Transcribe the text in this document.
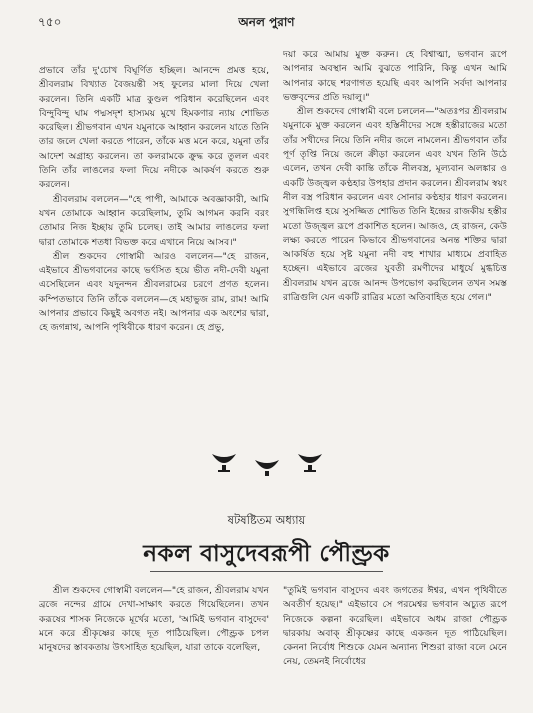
৭৫০	অনল পুরাণ

প্রভাবে তাঁর দু'চোখ বিঘূর্ণিত হচ্ছিল। আনন্দে প্রমত্ত হয়ে, শ্রীবলরাম বিখ্যাত বৈজয়ন্তী সহ ফুলের মালা দিয়ে খেলা করলেন। তিনি একটি মাত্র কুণ্ডল পরিধান করেছিলেন এবং বিন্দুবিন্দু ঘাম পদ্মসদৃশ হাস্যময় মুখে হিমকণার ন্যায় শোভিত করেছিল। শ্রীভগবান এখন যমুনাকে আহ্বান করলেন যাতে তিনি তার জলে খেলা করতে পারেন, তাঁকে মত্ত মনে করে, যমুনা তাঁর আদেশ অগ্রাহ্য করলেন। তা কলরামকে ক্রুদ্ধ করে তুলল এবং তিনি তাঁর লাঙলের ফলা দিয়ে নদীকে আকর্ষণ করতে শুরু করলেন।

শ্রীবলরাম বললেন—"হে পাপী, আমাকে অবজ্ঞাকারী, আমি যখন তোমাকে আহ্বান করেছিলাম, তুমি আগমন করনি বরং তোমার নিজ ইচ্ছায় তুমি চলেছ। তাই আমার লাঙলের ফলা দ্বারা তোমাকে শতধা বিভক্ত করে এখানে নিয়ে আসব।"

শ্রীল শুকদেব গোস্বামী আরও বললেন—"হে রাজন, এইভাবে শ্রীভগবানের কাছে ভর্ৎসিত হয়ে ভীত নদী-দেবী যমুনা এসেছিলেন এবং যদুনন্দন শ্রীবলরামের চরণে প্রণত হলেন। কম্পিতভাবে তিনি তাঁকে বললেন—হে মহাভুজ রাম, রাম! আমি আপনার প্রভাবে কিছুই অবগত নই। আপনার এক অংশের দ্বারা, হে জগন্নাথ, আপনি পৃথিবীকে ধারণ করেন। হে প্রভু,

দয়া করে আমায় মুক্ত করুন। হে বিশ্বাত্মা, ভগবান রূপে আপনার অবস্থান আমি বুঝতে পারিনি, কিন্তু এখন আমি আপনার কাছে শরণাগত হয়েছি এবং আপনি সর্বদা আপনার ভক্তবৃন্দের প্রতি দয়ালু।"

শ্রীল শুকদেব গোস্বামী বলে চললেন—"অতঃপর শ্রীবলরাম যমুনাকে মুক্ত করলেন এবং হস্তিনীদের সঙ্গে হস্তীরাজের মতো তাঁর সখীদের নিয়ে তিনি নদীর জলে নামলেন। শ্রীভগবান তাঁর পূর্ণ তৃপ্তি নিয়ে জলে ক্রীড়া করলেন এবং যখন তিনি উঠে এলেন, তখন দেবী কান্তি তাঁকে নীলবস্ত্র, মূল্যবান অলঙ্কার ও একটি উজ্জ্বল কণ্ঠহার উপহার প্রদান করলেন। শ্রীবলরাম স্বয়ং নীল বস্ত্র পরিধান করলেন এবং সোনার কণ্ঠহার ধারণ করলেন। সুগন্ধিলিপ্ত হয়ে সুসজ্জিত শোভিত তিনি ইন্দ্রের রাজকীয় হস্তীর মতো উজ্জ্বল রূপে প্রকাশিত হলেন। আজও, হে রাজন, কেউ লক্ষ্য করতে পারেন কিভাবে শ্রীভগবানের অনন্ত শক্তির দ্বারা আকর্ষিত হয়ে সৃষ্ট যমুনা নদী বহু শাখার মাধ্যমে প্রবাহিত হচ্ছেন। এইভাবে ব্রজের যুবতী রমণীদের মাধুর্যে মুগ্ধচিত্ত শ্রীবলরাম যখন ব্রজে আনন্দ উপভোগ করছিলেন তখন সমস্ত রাত্রিগুলি যেন একটি রাত্রির মতো অতিবাহিত হয়ে গেল।"

ষটষষ্টিতম অধ্যায়
নকল বাসুদেবরূপী পৌণ্ড্রক

শ্রীল শুকদেব গোস্বামী বললেন—"হে রাজন, শ্রীবলরাম যখন ব্রজে নন্দের গ্রামে দেখা-সাক্ষাৎ করতে গিয়েছিলেন। তখন করূষের শাসক নিজেকে মূর্খের মতো, 'আমিই ভগবান বাসুদেব' মনে করে শ্রীকৃষ্ণের কাছে দূত পাঠিয়েছিল। পৌণ্ড্রক চপল মানুষদের স্তাবকতায় উৎসাহিত হয়েছিল, যারা তাকে বলেছিল,

"তুমিই ভগবান বাসুদেব এবং জগতের ঈশ্বর, এখন পৃথিবীতে অবতীর্ণ হয়েছ।" এইভাবে সে পরমেশ্বর ভগবান অচ্যুত রূপে নিজেকে কল্পনা করেছিল। এইভাবে অধম রাজা পৌণ্ড্রক দ্বারকায় অবাক্ শ্রীকৃষ্ণের কাছে একজন দূত পাঠিয়েছিল। কেননা নির্বোধ শিশুকে যেমন অন্যান্য শিশুরা রাজা বলে মেনে নেয়, তেমনই নির্বোধের
